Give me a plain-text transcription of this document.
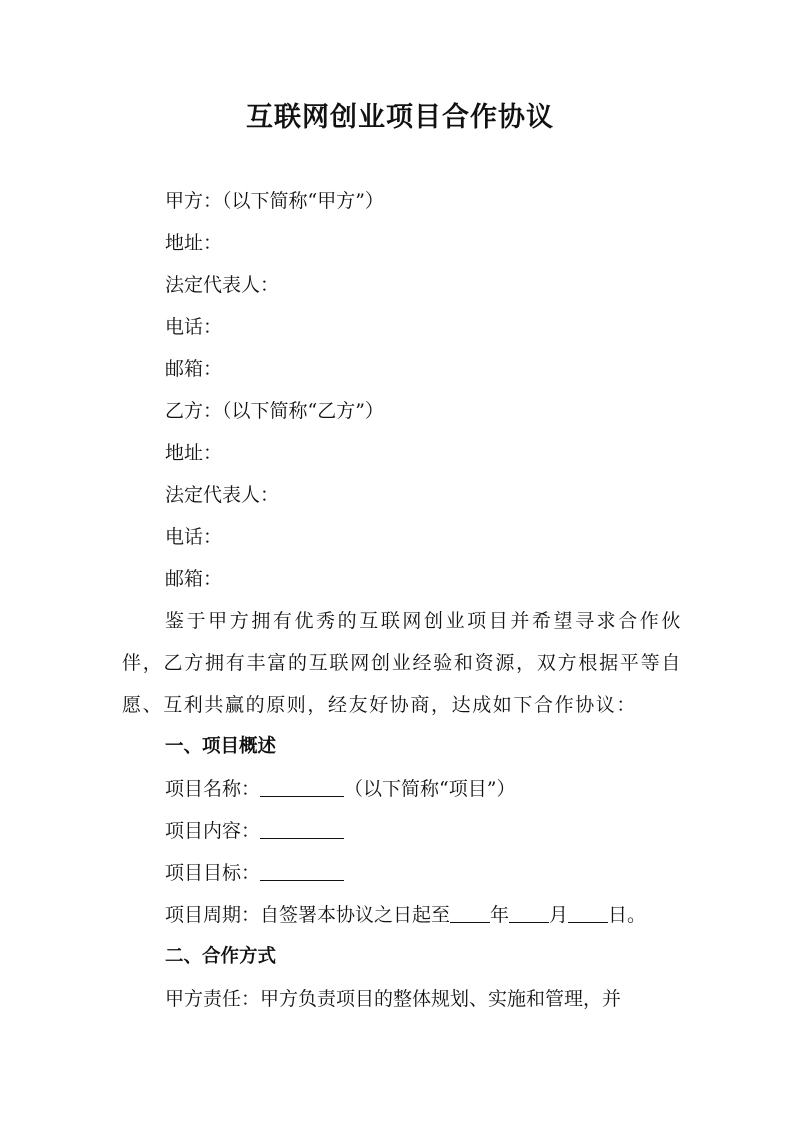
互联网创业项目合作协议
甲方：（以下简称“甲方”）
地址：
法定代表人：
电话：
邮箱：
乙方：（以下简称“乙方”）
地址：
法定代表人：
电话：
邮箱：
鉴于甲方拥有优秀的互联网创业项目并希望寻求合作伙伴，乙方拥有丰富的互联网创业经验和资源，双方根据平等自愿、互利共赢的原则，经友好协商，达成如下合作协议：
一、项目概述
项目名称：	（以下简称“项目”）
项目内容：
项目目标：
项目周期：自签署本协议之日起至 年 月 日。
二、合作方式
甲方责任：甲方负责项目的整体规划、实施和管理，并
